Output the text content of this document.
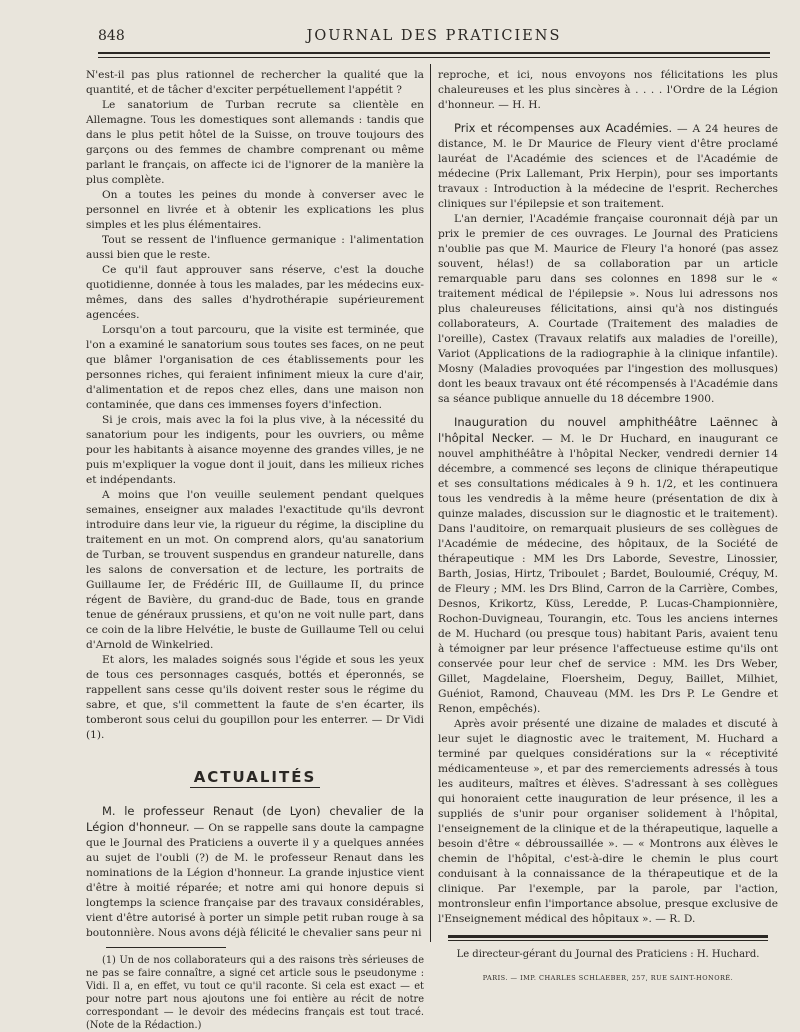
848	JOURNAL DES PRATICIENS

N'est-il pas plus rationnel de rechercher la qualité que la quantité, et de tâcher d'exciter perpétuellement l'appétit ?

Le sanatorium de Turban recrute sa clientèle en Allemagne. Tous les domestiques sont allemands : tandis que dans le plus petit hôtel de la Suisse, on trouve toujours des garçons ou des femmes de chambre comprenant ou même parlant le français, on affecte ici de l'ignorer de la manière la plus complète.

On a toutes les peines du monde à converser avec le personnel en livrée et à obtenir les explications les plus simples et les plus élémentaires.

Tout se ressent de l'influence germanique : l'alimentation aussi bien que le reste.

Ce qu'il faut approuver sans réserve, c'est la douche quotidienne, donnée à tous les malades, par les médecins eux-mêmes, dans des salles d'hydrothérapie supérieurement agencées.

Lorsqu'on a tout parcouru, que la visite est terminée, que l'on a examiné le sanatorium sous toutes ses faces, on ne peut que blâmer l'organisation de ces établissements pour les personnes riches, qui feraient infiniment mieux la cure d'air, d'alimentation et de repos chez elles, dans une maison non contaminée, que dans ces immenses foyers d'infection.

Si je crois, mais avec la foi la plus vive, à la nécessité du sanatorium pour les indigents, pour les ouvriers, ou même pour les habitants à aisance moyenne des grandes villes, je ne puis m'expliquer la vogue dont il jouit, dans les milieux riches et indépendants.

A moins que l'on veuille seulement pendant quelques semaines, enseigner aux malades l'exactitude qu'ils devront introduire dans leur vie, la rigueur du régime, la discipline du traitement en un mot. On comprend alors, qu'au sanatorium de Turban, se trouvent suspendus en grandeur naturelle, dans les salons de conversation et de lecture, les portraits de Guillaume Ier, de Frédéric III, de Guillaume II, du prince régent de Bavière, du grand-duc de Bade, tous en grande tenue de généraux prussiens, et qu'on ne voit nulle part, dans ce coin de la libre Helvétie, le buste de Guillaume Tell ou celui d'Arnold de Winkelried.

Et alors, les malades soignés sous l'égide et sous les yeux de tous ces personnages casqués, bottés et éperonnés, se rappellent sans cesse qu'ils doivent rester sous le régime du sabre, et que, s'il commettent la faute de s'en écarter, ils tomberont sous celui du goupillon pour les enterrer. — Dr Vidi (1).

ACTUALITÉS

M. le professeur Renaut (de Lyon) chevalier de la Légion d'honneur. — On se rappelle sans doute la campagne que le Journal des Praticiens a ouverte il y a quelques années au sujet de l'oubli (?) de M. le professeur Renaut dans les nominations de la Légion d'honneur. La grande injustice vient d'être à moitié réparée; et notre ami qui honore depuis si longtemps la science française par des travaux considérables, vient d'être autorisé à porter un simple petit ruban rouge à sa boutonnière. Nous avons déjà félicité le chevalier sans peur ni

(1) Un de nos collaborateurs qui a des raisons très sérieuses de ne pas se faire connaître, a signé cet article sous le pseudonyme : Vidi. Il a, en effet, vu tout ce qu'il raconte. Si cela est exact — et pour notre part nous ajoutons une foi entière au récit de notre correspondant — le devoir des médecins français est tout tracé. (Note de la Rédaction.)

reproche, et ici, nous envoyons nos félicitations les plus chaleureuses et les plus sincères à . . . . l'Ordre de la Légion d'honneur. — H. H.

Prix et récompenses aux Académies. — A 24 heures de distance, M. le Dr Maurice de Fleury vient d'être proclamé lauréat de l'Académie des sciences et de l'Académie de médecine (Prix Lallemant, Prix Herpin), pour ses importants travaux : Introduction à la médecine de l'esprit. Recherches cliniques sur l'épilepsie et son traitement.

L'an dernier, l'Académie française couronnait déjà par un prix le premier de ces ouvrages. Le Journal des Praticiens n'oublie pas que M. Maurice de Fleury l'a honoré (pas assez souvent, hélas!) de sa collaboration par un article remarquable paru dans ses colonnes en 1898 sur le « traitement médical de l'épilepsie ». Nous lui adressons nos plus chaleureuses félicitations, ainsi qu'à nos distingués collaborateurs, A. Courtade (Traitement des maladies de l'oreille), Castex (Travaux relatifs aux maladies de l'oreille), Variot (Applications de la radiographie à la clinique infantile). Mosny (Maladies provoquées par l'ingestion des mollusques) dont les beaux travaux ont été récompensés à l'Académie dans sa séance publique annuelle du 18 décembre 1900.

Inauguration du nouvel amphithéâtre Laënnec à l'hôpital Necker. — M. le Dr Huchard, en inaugurant ce nouvel amphithéâtre à l'hôpital Necker, vendredi dernier 14 décembre, a commencé ses leçons de clinique thérapeutique et ses consultations médicales à 9 h. 1/2, et les continuera tous les vendredis à la même heure (présentation de dix à quinze malades, discussion sur le diagnostic et le traitement). Dans l'auditoire, on remarquait plusieurs de ses collègues de l'Académie de médecine, des hôpitaux, de la Société de thérapeutique : MM les Drs Laborde, Sevestre, Linossier, Barth, Josias, Hirtz, Triboulet ; Bardet, Bouloumié, Créquy, M. de Fleury ; MM. les Drs Blind, Carron de la Carrière, Combes, Desnos, Krikortz, Küss, Leredde, P. Lucas-Championnière, Rochon-Duvigneau, Tourangin, etc. Tous les anciens internes de M. Huchard (ou presque tous) habitant Paris, avaient tenu à témoigner par leur présence l'affectueuse estime qu'ils ont conservée pour leur chef de service : MM. les Drs Weber, Gillet, Magdelaine, Floersheim, Deguy, Baillet, Milhiet, Guéniot, Ramond, Chauveau (MM. les Drs P. Le Gendre et Renon, empêchés).

Après avoir présenté une dizaine de malades et discuté à leur sujet le diagnostic avec le traitement, M. Huchard a terminé par quelques considérations sur la « réceptivité médicamenteuse », et par des remerciements adressés à tous les auditeurs, maîtres et élèves. S'adressant à ses collègues qui honoraient cette inauguration de leur présence, il les a suppliés de s'unir pour organiser solidement à l'hôpital, l'enseignement de la clinique et de la thérapeutique, laquelle a besoin d'être « débroussaillée ». — « Montrons aux élèves le chemin de l'hôpital, c'est-à-dire le chemin le plus court conduisant à la connaissance de la thérapeutique et de la clinique. Par l'exemple, par la parole, par l'action, montronsleur enfin l'importance absolue, presque exclusive de l'Enseignement médical des hôpitaux ». — R. D.

Le directeur-gérant du Journal des Praticiens : H. Huchard.
PARIS. — IMP. CHARLES SCHLAEBER, 257, RUE SAINT-HONORÉ.
